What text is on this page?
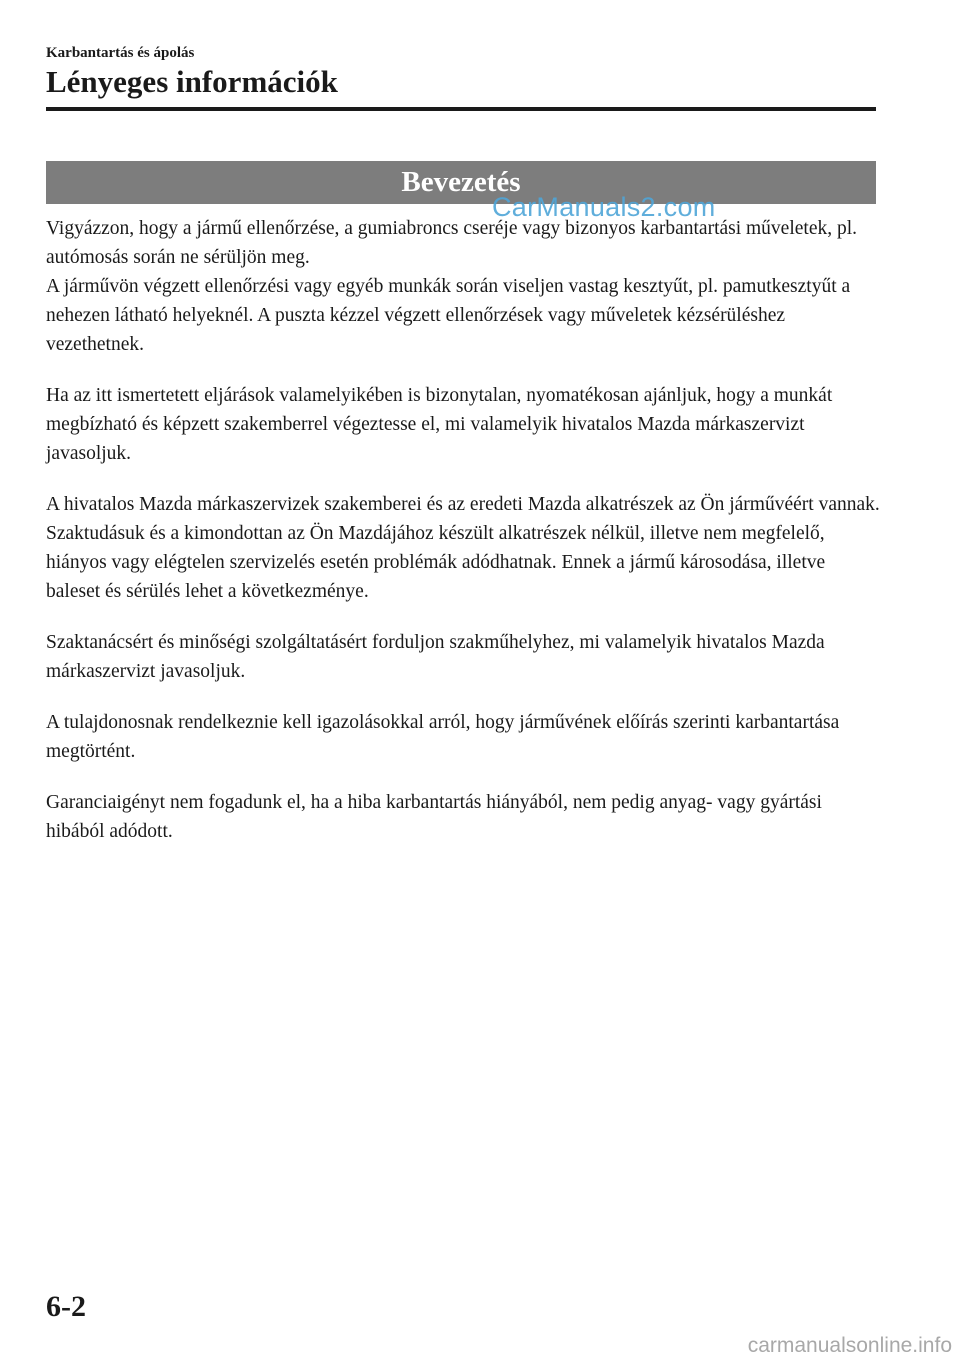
Karbantartás és ápolás
Lényeges információk
Bevezetés
CarManuals2.com

Vigyázzon, hogy a jármű ellenőrzése, a gumiabroncs cseréje vagy bizonyos karbantartási műveletek, pl. autómosás során ne sérüljön meg.

A járművön végzett ellenőrzési vagy egyéb munkák során viseljen vastag kesztyűt, pl. pamutkesztyűt a nehezen látható helyeknél. A puszta kézzel végzett ellenőrzések vagy műveletek kézsérüléshez vezethetnek.

Ha az itt ismertetett eljárások valamelyikében is bizonytalan, nyomatékosan ajánljuk, hogy a munkát megbízható és képzett szakemberrel végeztesse el, mi valamelyik hivatalos Mazda márkaszervizt javasoljuk.

A hivatalos Mazda márkaszervizek szakemberei és az eredeti Mazda alkatrészek az Ön járművéért vannak. Szaktudásuk és a kimondottan az Ön Mazdájához készült alkatrészek nélkül, illetve nem megfelelő, hiányos vagy elégtelen szervizelés esetén problémák adódhatnak. Ennek a jármű károsodása, illetve baleset és sérülés lehet a következménye.

Szaktanácsért és minőségi szolgáltatásért forduljon szakműhelyhez, mi valamelyik hivatalos Mazda márkaszervizt javasoljuk.

A tulajdonosnak rendelkeznie kell igazolásokkal arról, hogy járművének előírás szerinti karbantartása megtörtént.

Garanciaigényt nem fogadunk el, ha a hiba karbantartás hiányából, nem pedig anyag- vagy gyártási hibából adódott.

6-2
carmanualsonline.info
